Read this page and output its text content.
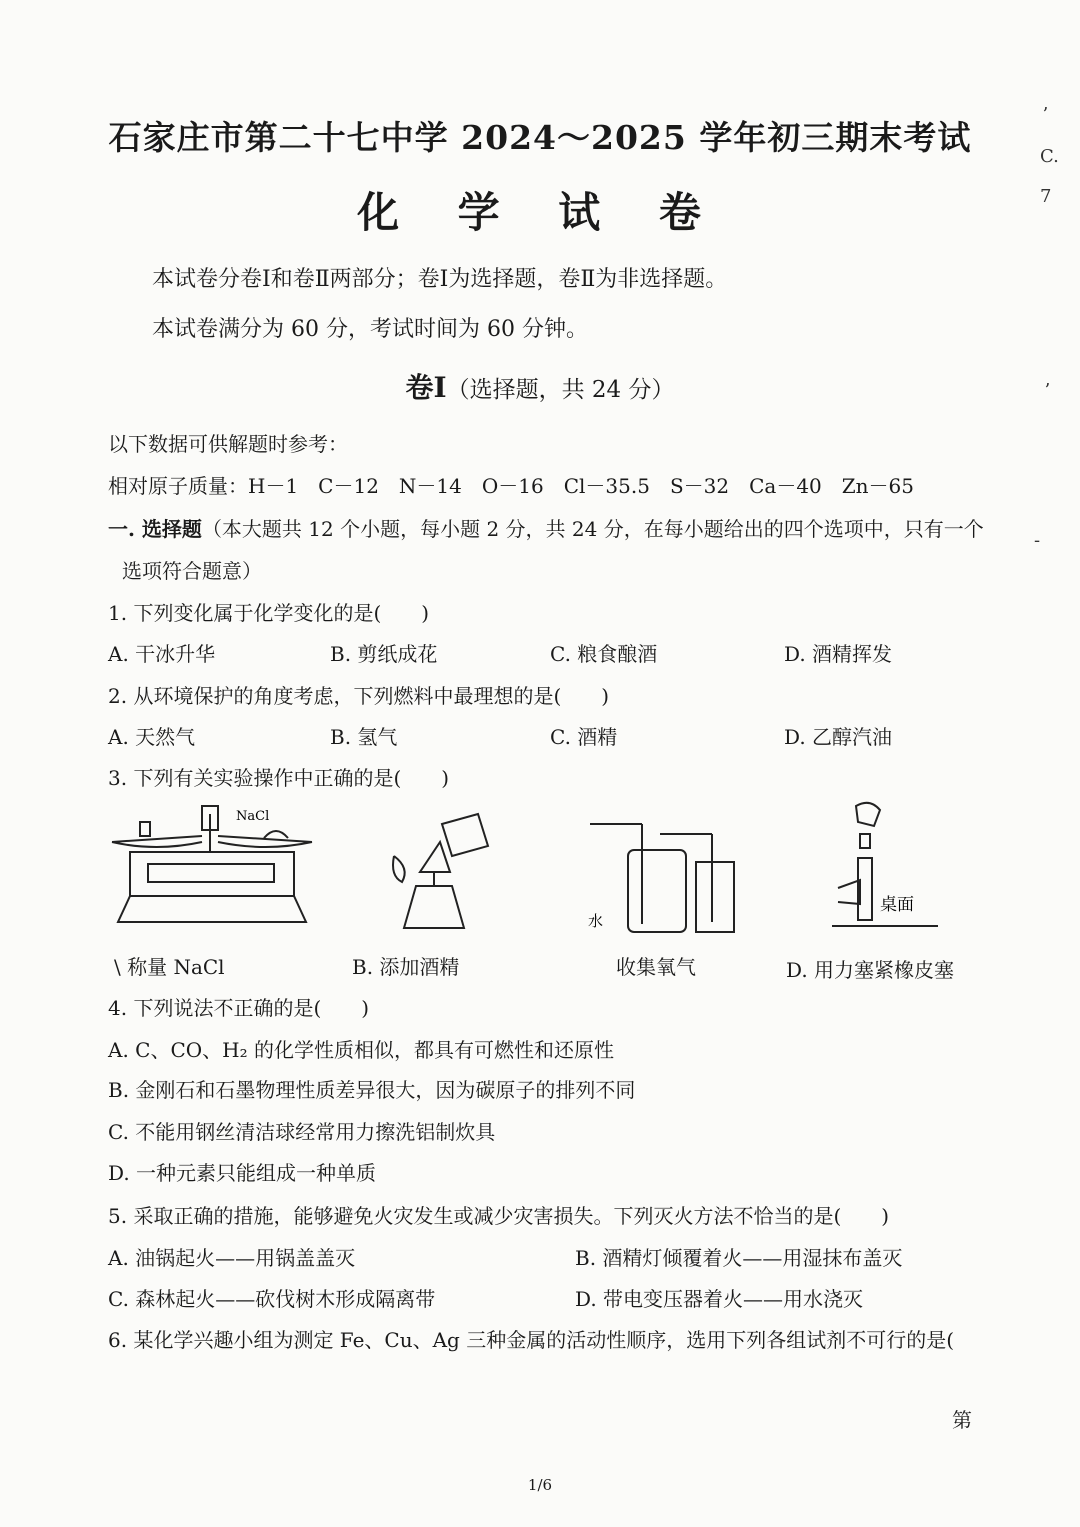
石家庄市第二十七中学 2024～2025 学年初三期末考试
化 学 试 卷
本试卷分卷Ⅰ和卷Ⅱ两部分；卷Ⅰ为选择题，卷Ⅱ为非选择题。
本试卷满分为 60 分，考试时间为 60 分钟。
卷Ⅰ（选择题，共 24 分）
以下数据可供解题时参考：
相对原子质量：H－1　C－12　N－14　O－16　Cl－35.5　S－32　Ca－40　Zn－65
一. 选择题（本大题共 12 个小题，每小题 2 分，共 24 分，在每小题给出的四个选项中，只有一个
选项符合题意）
1. 下列变化属于化学变化的是(　　)
A. 干冰升华	B. 剪纸成花	C. 粮食酿酒	D. 酒精挥发
2. 从环境保护的角度考虑，下列燃料中最理想的是(　　)
A. 天然气	B. 氢气	C. 酒精	D. 乙醇汽油
3. 下列有关实验操作中正确的是(　　)
NaCl
水
桌面
\ 称量 NaCl	B. 添加酒精	收集氧气	D. 用力塞紧橡皮塞
4. 下列说法不正确的是(　　)
A. C、CO、H₂ 的化学性质相似，都具有可燃性和还原性
B. 金刚石和石墨物理性质差异很大，因为碳原子的排列不同
C. 不能用钢丝清洁球经常用力擦洗铝制炊具
D. 一种元素只能组成一种单质
5. 采取正确的措施，能够避免火灾发生或减少灾害损失。下列灭火方法不恰当的是(　　)
A. 油锅起火——用锅盖盖灭	B. 酒精灯倾覆着火——用湿抹布盖灭
C. 森林起火——砍伐树木形成隔离带	D. 带电变压器着火——用水浇灭
6. 某化学兴趣小组为测定 Fe、Cu、Ag 三种金属的活动性顺序，选用下列各组试剂不可行的是(
ʼ
C.
7
ʼ
-
第
1/6
